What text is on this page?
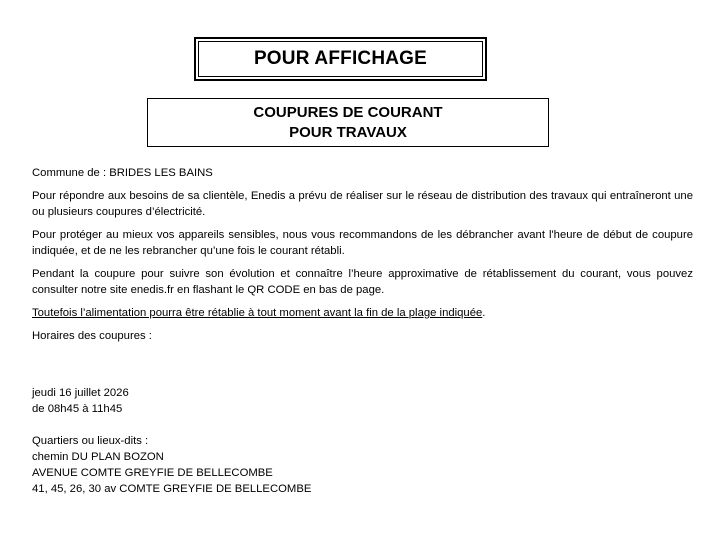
POUR AFFICHAGE
COUPURES DE COURANT
POUR TRAVAUX

Commune de : BRIDES LES BAINS

Pour répondre aux besoins de sa clientèle, Enedis a prévu de réaliser sur le réseau de distribution des travaux qui entraîneront une ou plusieurs coupures d’électricité.

Pour protéger au mieux vos appareils sensibles, nous vous recommandons de les débrancher avant l'heure de début de coupure indiquée, et de ne les rebrancher qu’une fois le courant rétabli.

Pendant la coupure pour suivre son évolution et connaître l’heure approximative de rétablissement du courant, vous pouvez consulter notre site enedis.fr en flashant le QR CODE en bas de page.

Toutefois l’alimentation pourra être rétablie à tout moment avant la fin de la plage indiquée.

Horaires des coupures :

jeudi 16 juillet 2026
de 08h45 à 11h45
Quartiers ou lieux-dits :
chemin DU PLAN BOZON
AVENUE COMTE GREYFIE DE BELLECOMBE
41, 45, 26, 30 av COMTE GREYFIE DE BELLECOMBE
